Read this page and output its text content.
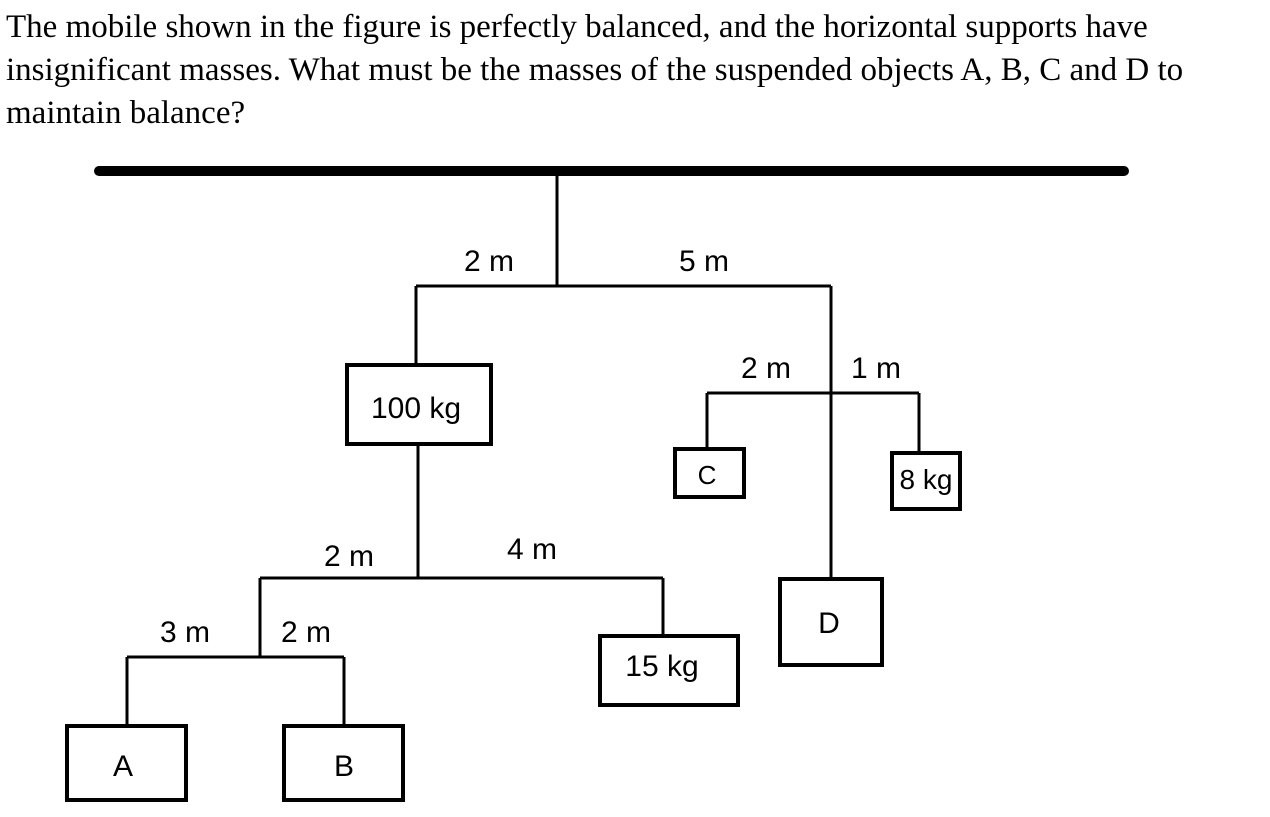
The mobile shown in the figure is perfectly balanced, and the horizontal supports have insignificant masses. What must be the masses of the suspended objects A, B, C and D to maintain balance?

2 m	5 m
2 m 1 m
2 m	4 m
3 m 2 m
100 kg
C	8 kg
D
15 kg
A	B
